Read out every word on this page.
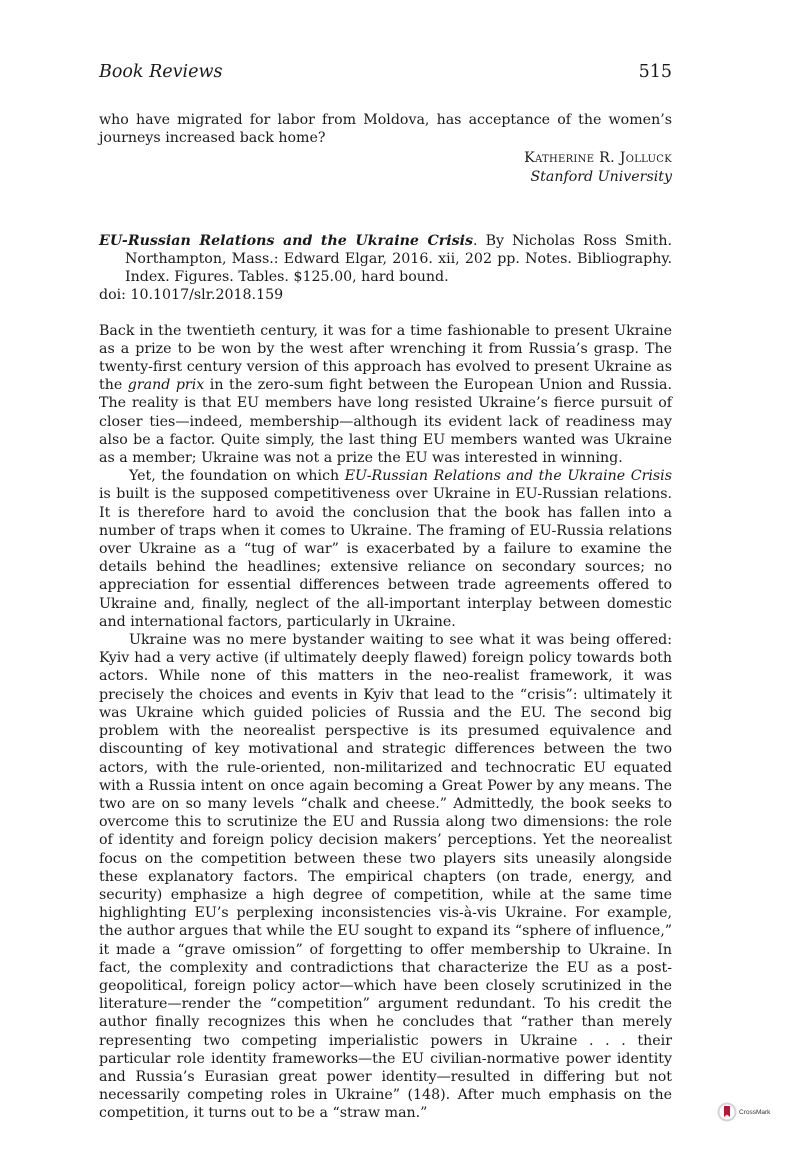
Book Reviews	515

who have migrated for labor from Moldova, has acceptance of the women’s journeys increased back home?

Katherine R. Jolluck
Stanford University
EU-Russian Relations and the Ukraine Crisis. By Nicholas Ross Smith. Northampton, Mass.: Edward Elgar, 2016. xii, 202 pp. Notes. Bibliography. Index. Figures. Tables. $125.00, hard bound.
doi: 10.1017/slr.2018.159

Back in the twentieth century, it was for a time fashionable to present Ukraine as a prize to be won by the west after wrenching it from Russia’s grasp. The twenty-first century version of this approach has evolved to present Ukraine as the grand prix in the zero-sum fight between the European Union and Russia. The reality is that EU members have long resisted Ukraine’s fierce pursuit of closer ties—indeed, membership—although its evident lack of readiness may also be a factor. Quite simply, the last thing EU members wanted was Ukraine as a member; Ukraine was not a prize the EU was interested in winning.

Yet, the foundation on which EU-Russian Relations and the Ukraine Crisis is built is the supposed competitiveness over Ukraine in EU-Russian relations. It is therefore hard to avoid the conclusion that the book has fallen into a number of traps when it comes to Ukraine. The framing of EU-Russia relations over Ukraine as a “tug of war” is exacerbated by a failure to examine the details behind the headlines; extensive reliance on secondary sources; no appreciation for essential differences between trade agreements offered to Ukraine and, finally, neglect of the all-important interplay between domestic and international factors, particularly in Ukraine.

Ukraine was no mere bystander waiting to see what it was being offered: Kyiv had a very active (if ultimately deeply flawed) foreign policy towards both actors. While none of this matters in the neo-realist framework, it was precisely the choices and events in Kyiv that lead to the “crisis”: ultimately it was Ukraine which guided policies of Russia and the EU. The second big problem with the neorealist perspective is its presumed equivalence and discounting of key motivational and strategic differences between the two actors, with the rule-oriented, non-militarized and technocratic EU equated with a Russia intent on once again becoming a Great Power by any means. The two are on so many levels “chalk and cheese.” Admittedly, the book seeks to overcome this to scrutinize the EU and Russia along two dimensions: the role of identity and foreign policy decision makers’ perceptions. Yet the neorealist focus on the competition between these two players sits uneasily alongside these explanatory factors. The empirical chapters (on trade, energy, and security) emphasize a high degree of competition, while at the same time highlighting EU’s perplexing inconsistencies vis-à-vis Ukraine. For example, the author argues that while the EU sought to expand its “sphere of influence,” it made a “grave omission” of forgetting to offer membership to Ukraine. In fact, the complexity and contradictions that characterize the EU as a post-geopolitical, foreign policy actor—which have been closely scrutinized in the literature—render the “competition” argument redundant. To his credit the author finally recognizes this when he concludes that “rather than merely representing two competing imperialistic powers in Ukraine . . . their particular role identity frameworks—the EU civilian-normative power identity and Russia’s Eurasian great power identity—resulted in differing but not necessarily competing roles in Ukraine” (148). After much emphasis on the competition, it turns out to be a “straw man.”	CrossMark
